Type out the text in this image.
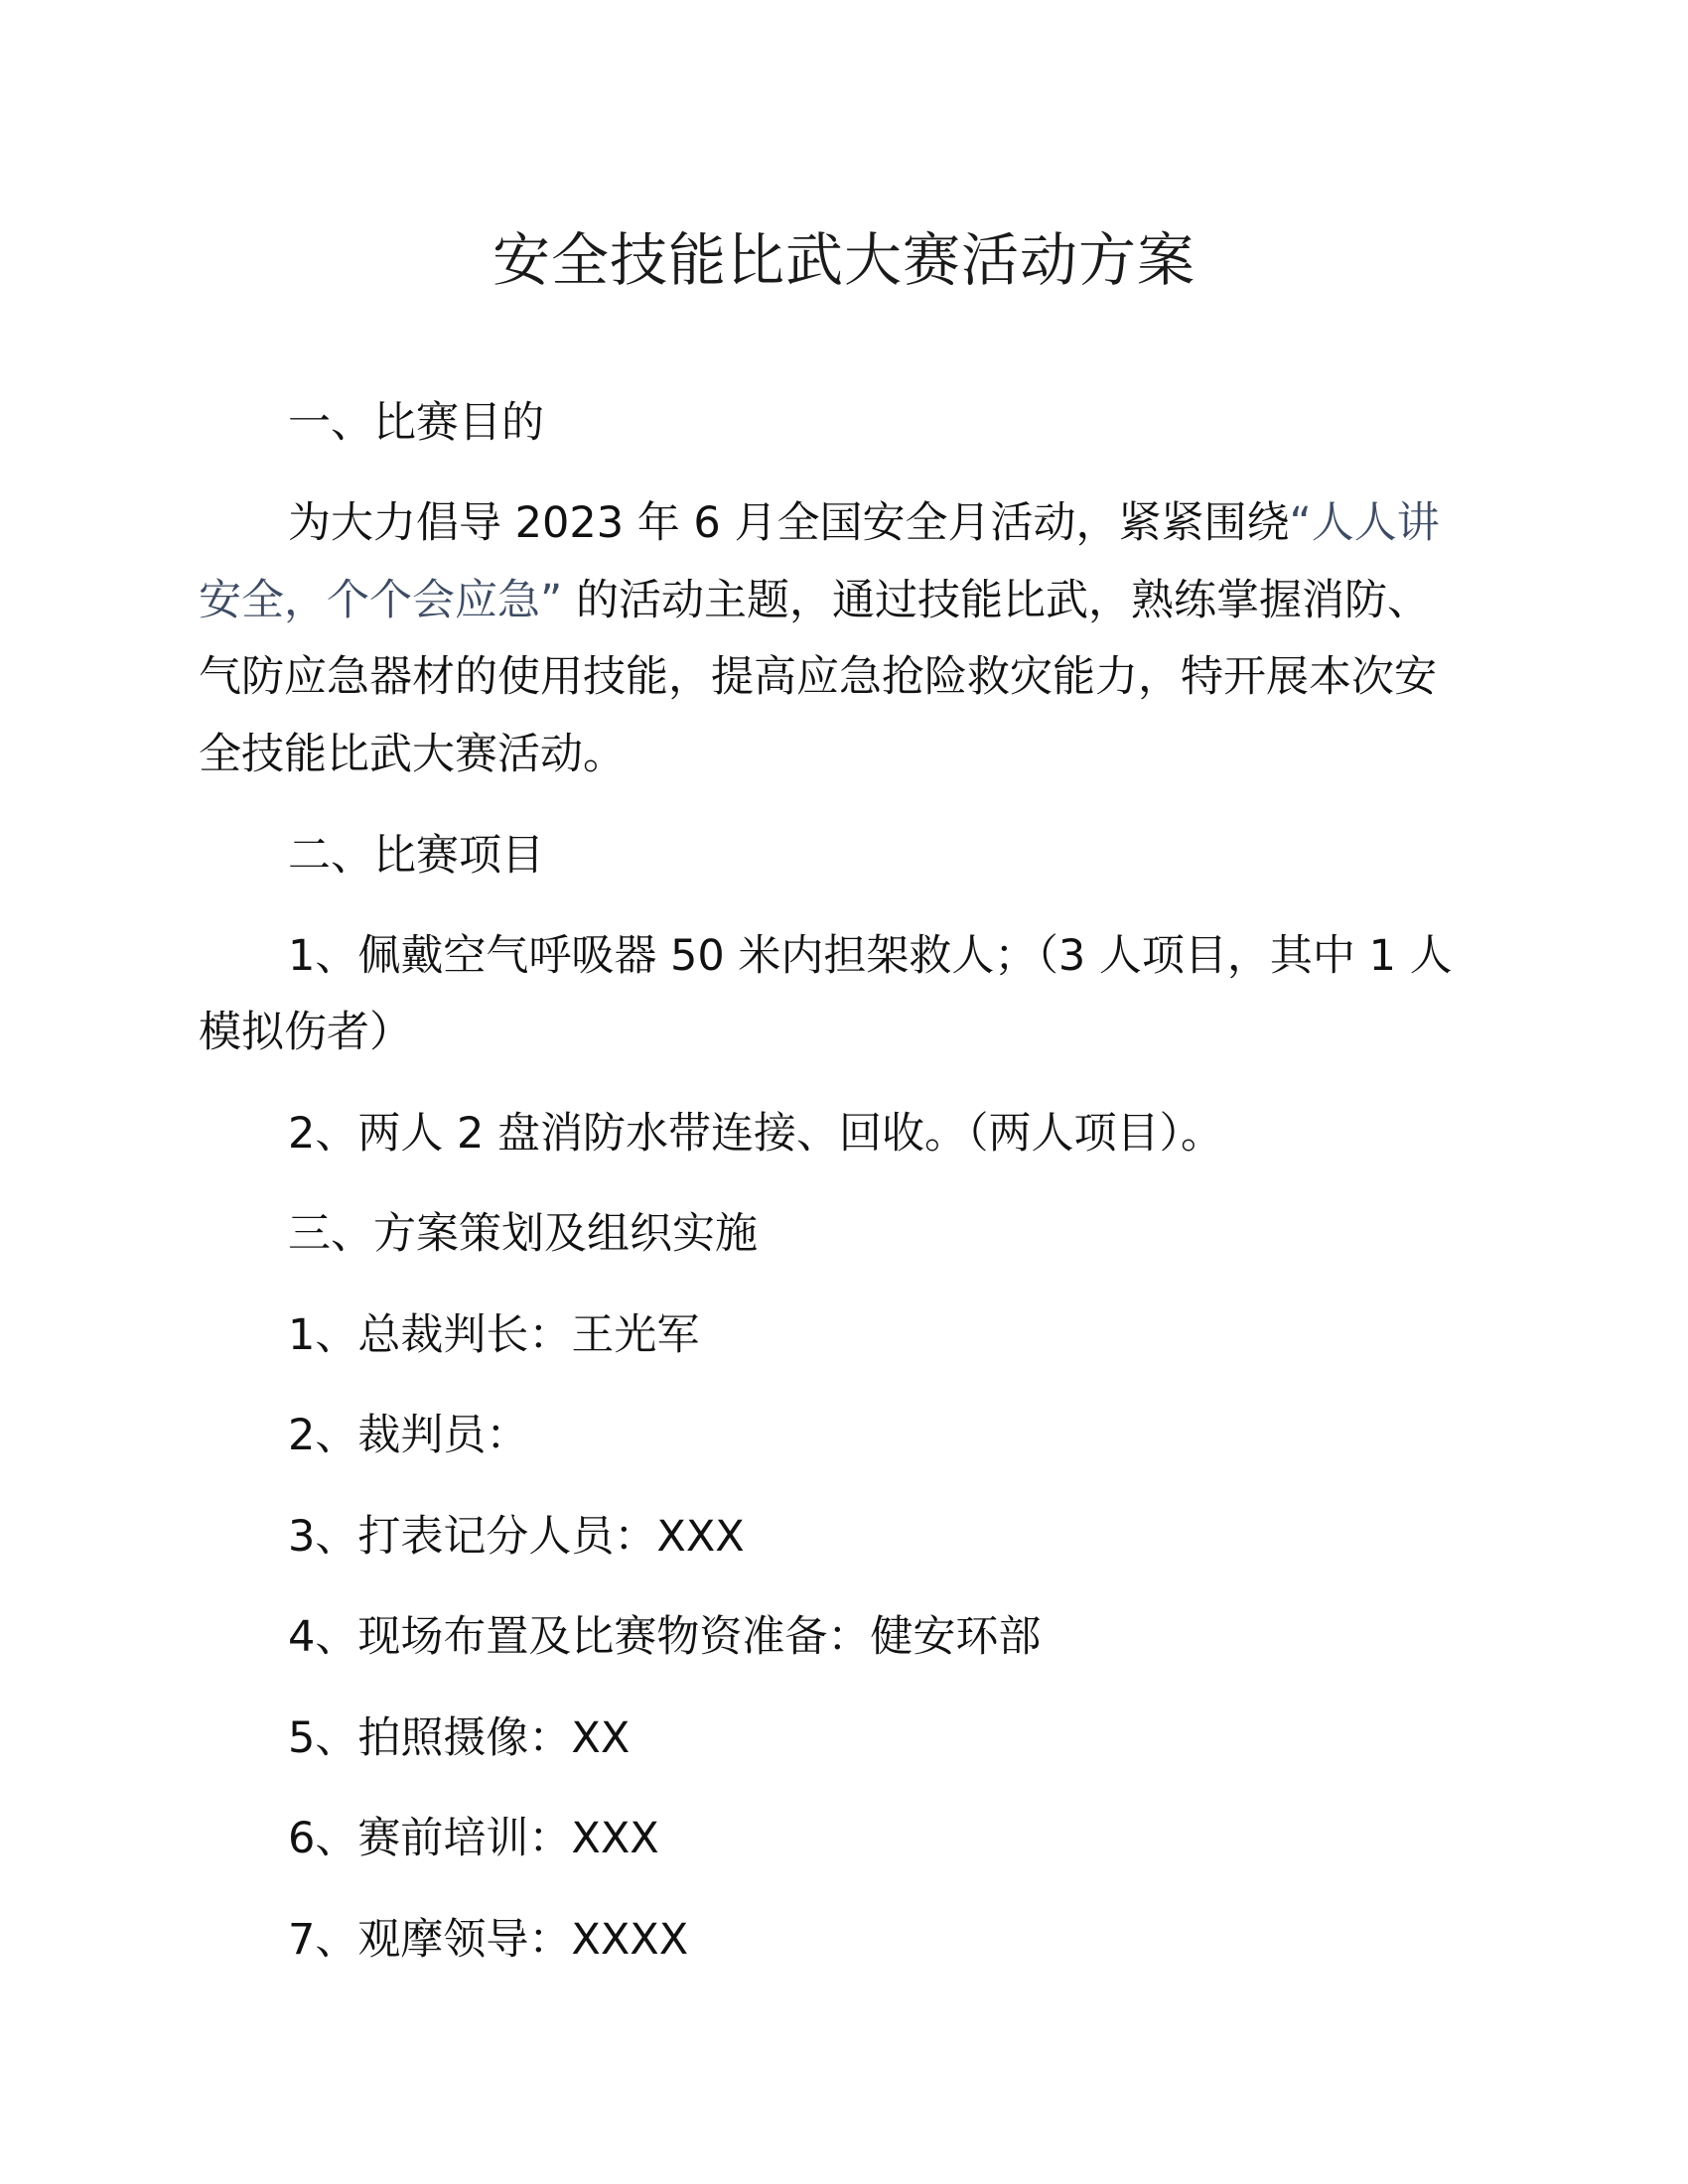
安全技能比武大赛活动方案
一、比赛目的
为大力倡导 2023 年 6 月全国安全月活动，紧紧围绕“人人讲
安全，个个会应急” 的活动主题，通过技能比武，熟练掌握消防、
气防应急器材的使用技能，提高应急抢险救灾能力，特开展本次安
全技能比武大赛活动。
二、比赛项目
1、佩戴空气呼吸器 50 米内担架救人；（3 人项目，其中 1 人
模拟伤者）
2、两人 2 盘消防水带连接、回收。（两人项目）。
三、方案策划及组织实施
1、总裁判长：王光军
2、裁判员：
3、打表记分人员：XXX
4、现场布置及比赛物资准备：健安环部
5、拍照摄像：XX
6、赛前培训：XXX
7、观摩领导：XXXX
